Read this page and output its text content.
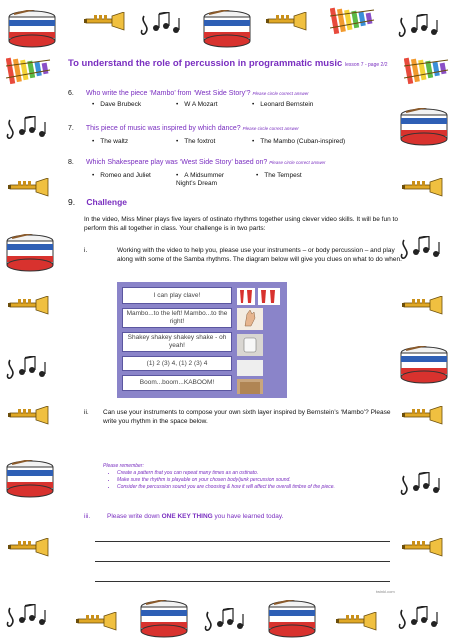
To understand the role of percussion in programmatic music lesson 7 - page 2/2
6. Who write the piece ‘Mambo’ from ‘West Side Story’? Please circle correct answer
• Dave Brubeck	• W A Mozart	• Leonard Bernstein
7. This piece of music was inspired by which dance? Please circle correct answer
• The waltz	• The foxtrot	• The Mambo (Cuban-inspired)
8. Which Shakespeare play was ‘West Side Story’ based on? Please circle correct answer
• Romeo and Juliet	• A Midsummer Night’s Dream
• The Tempest
9. Challenge
In the video, Miss Miner plays five layers of ostinato rhythms together using clever video skills. It will be fun to perform this all together in class. Your challenge is in two parts:
i.	Working with the video to help you, please use your instruments – or body percussion – and play along with some of the Samba rhythms. The diagram below will give you clues on what to do when.
I can play clave!
Mambo...to the left! Mambo...to the right!
Shakey shakey shakey shake - oh yeah!
(1) 2 (3) 4, (1) 2 (3) 4
Boom...boom...KABOOM!
ii. Can use your instruments to compose your own sixth layer inspired by Bernstein’s ‘Mambo’? Please write you rhythm in the space below.
Please remember:
• Create a pattern that you can repeat many times as an ostinato.
• Make sure the rhythm is playable on your chosen body/junk percussion sound.
• Consider the percussion sound you are choosing & how it will affect the overall timbre of the piece.
iii.	Please write down ONE KEY THING you have learned today.
twinkl.com
